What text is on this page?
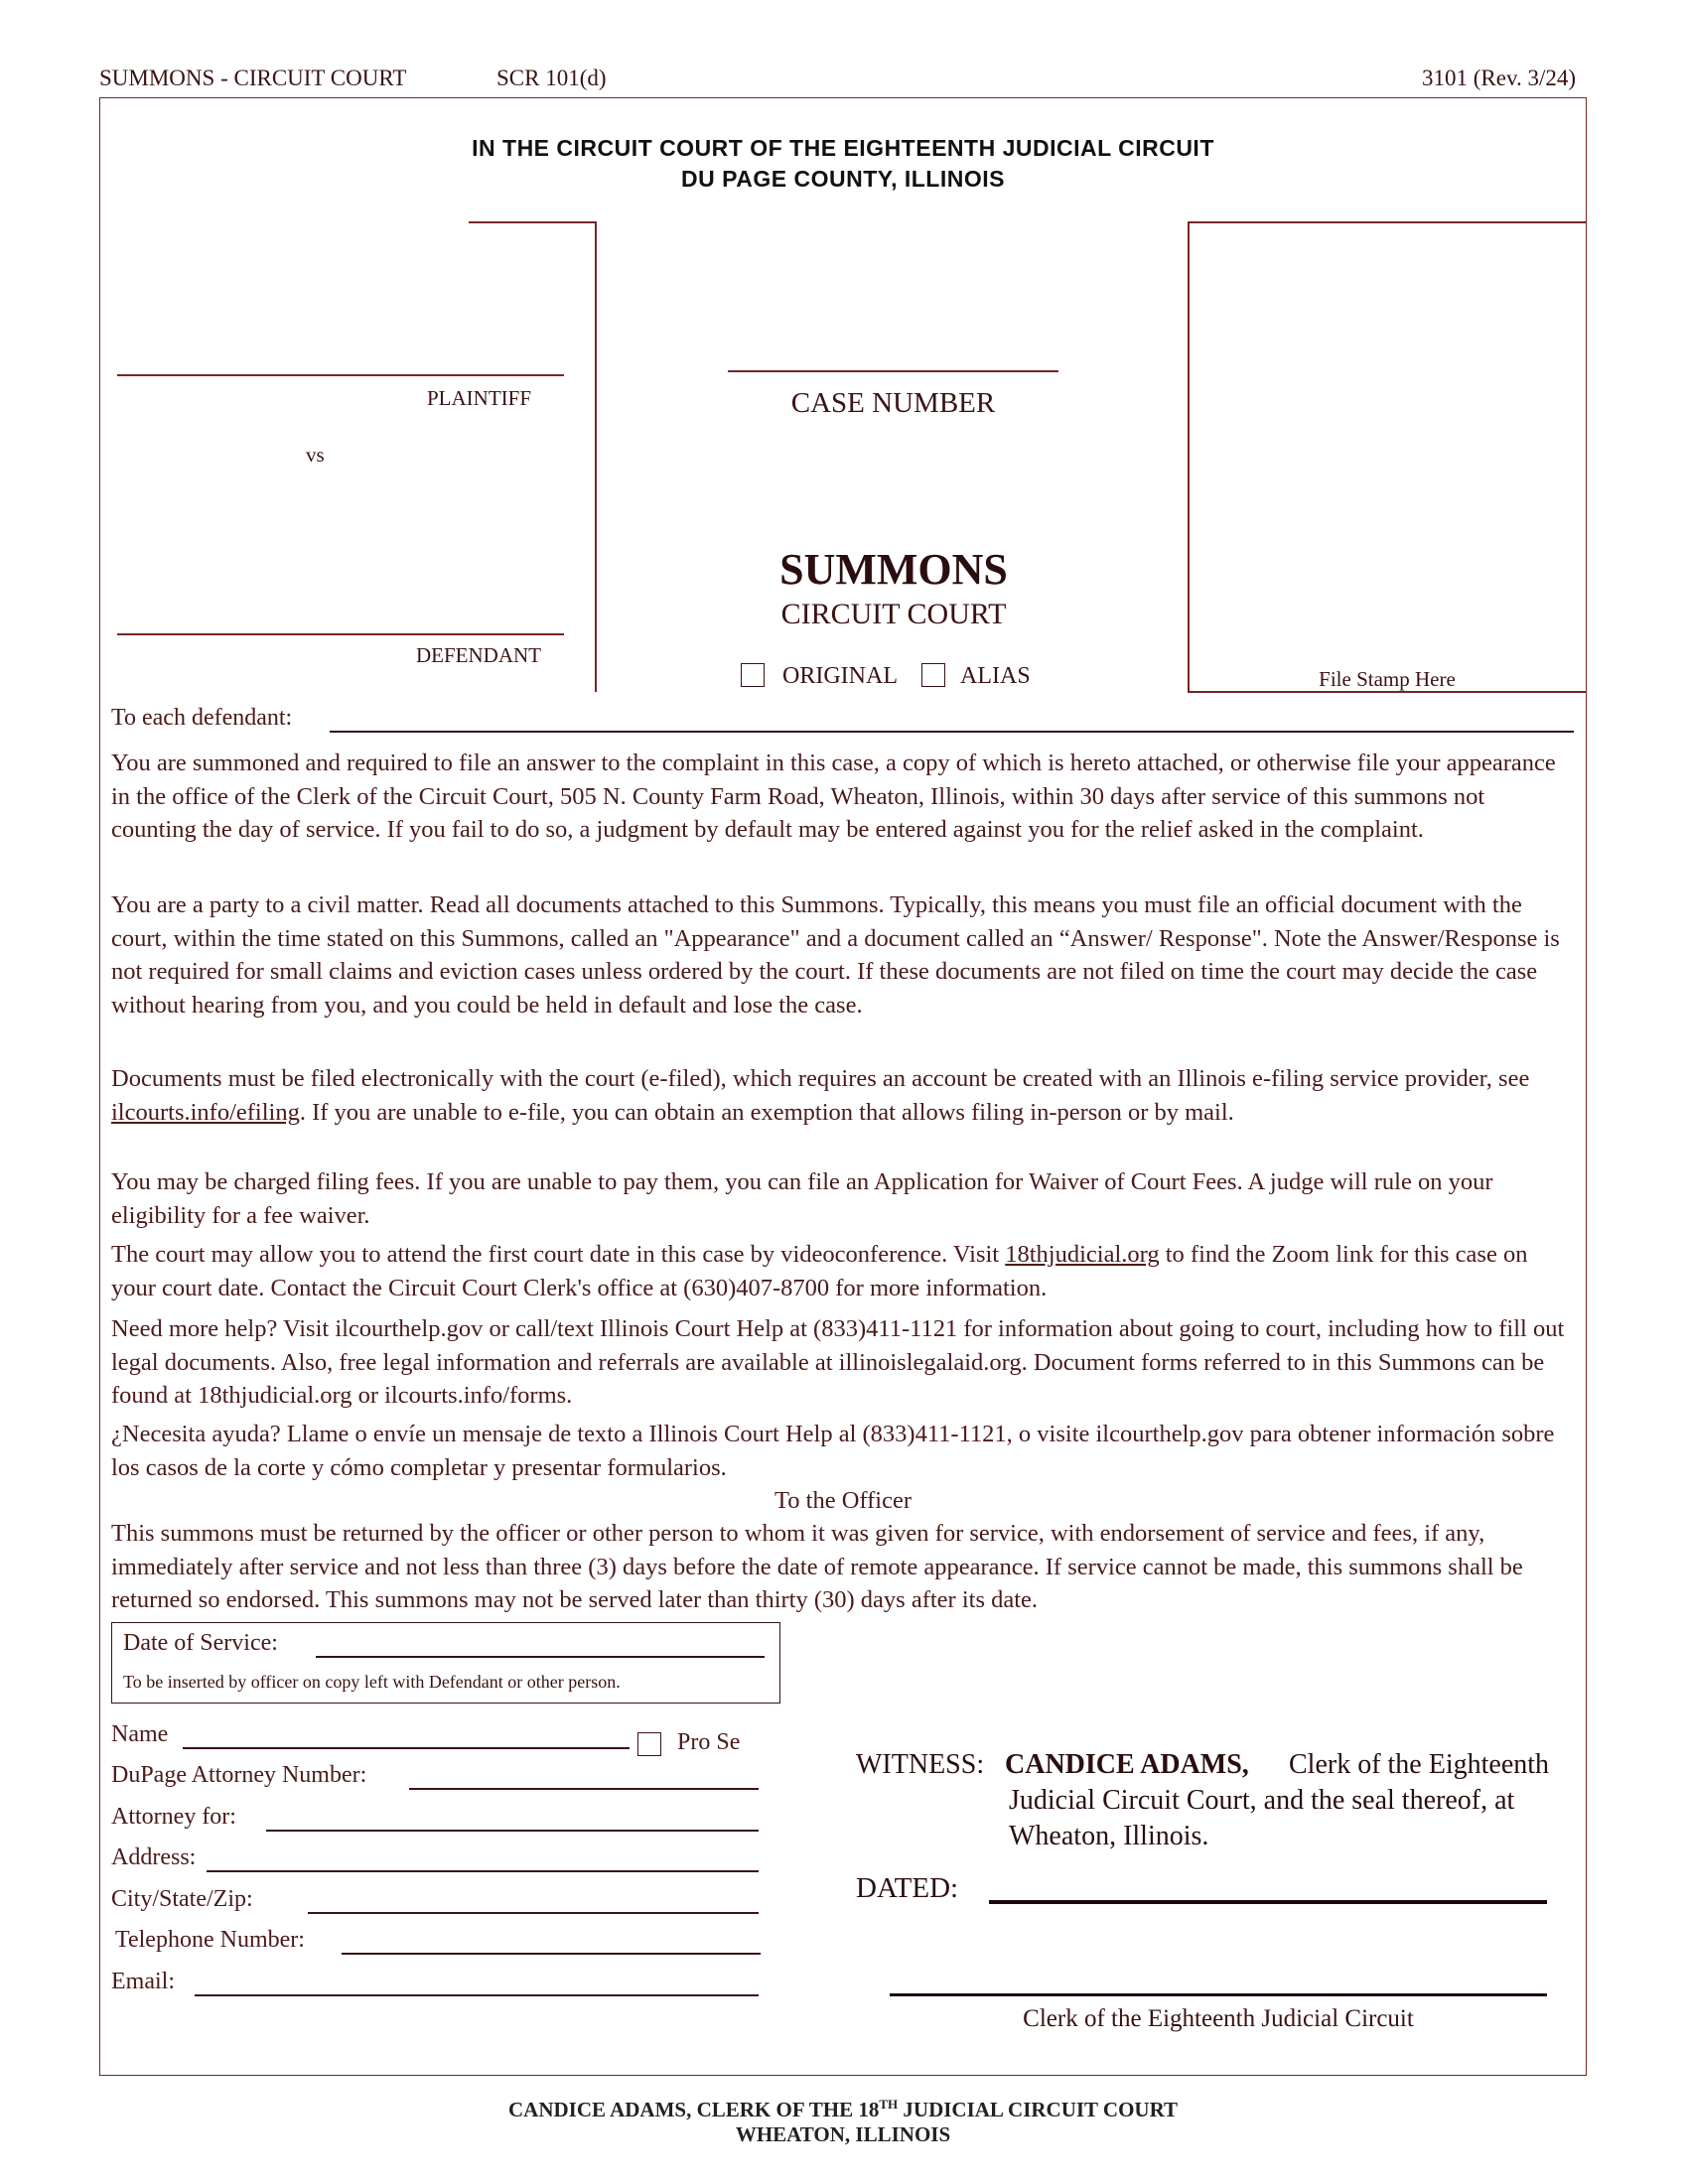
SUMMONS - CIRCUIT COURT	SCR 101(d)	3101 (Rev. 3/24)
IN THE CIRCUIT COURT OF THE EIGHTEENTH JUDICIAL CIRCUIT
DU PAGE COUNTY, ILLINOIS
PLAINTIFF
vs
DEFENDANT
CASE NUMBER
SUMMONS
CIRCUIT COURT
ORIGINAL	ALIAS	File Stamp Here
To each defendant:

You are summoned and required to file an answer to the complaint in this case, a copy of which is hereto attached, or otherwise file your appearance in the office of the Clerk of the Circuit Court, 505 N. County Farm Road, Wheaton, Illinois, within 30 days after service of this summons not counting the day of service. If you fail to do so, a judgment by default may be entered against you for the relief asked in the complaint.

You are a party to a civil matter. Read all documents attached to this Summons. Typically, this means you must file an official document with the court, within the time stated on this Summons, called an "Appearance" and a document called an “Answer/ Response". Note the Answer/Response is not required for small claims and eviction cases unless ordered by the court. If these documents are not filed on time the court may decide the case without hearing from you, and you could be held in default and lose the case.

Documents must be filed electronically with the court (e-filed), which requires an account be created with an Illinois e-filing service provider, see ilcourts.info/efiling. If you are unable to e-file, you can obtain an exemption that allows filing in-person or by mail.

You may be charged filing fees. If you are unable to pay them, you can file an Application for Waiver of Court Fees. A judge will rule on your eligibility for a fee waiver.

The court may allow you to attend the first court date in this case by videoconference. Visit 18thjudicial.org to find the Zoom link for this case on your court date. Contact the Circuit Court Clerk's office at (630)407-8700 for more information.

Need more help? Visit ilcourthelp.gov or call/text Illinois Court Help at (833)411-1121 for information about going to court, including how to fill out legal documents. Also, free legal information and referrals are available at illinoislegalaid.org. Document forms referred to in this Summons can be found at 18thjudicial.org or ilcourts.info/forms.

¿Necesita ayuda? Llame o envíe un mensaje de texto a Illinois Court Help al (833)411-1121, o visite ilcourthelp.gov para obtener información sobre los casos de la corte y cómo completar y presentar formularios.

To the Officer

This summons must be returned by the officer or other person to whom it was given for service, with endorsement of service and fees, if any, immediately after service and not less than three (3) days before the date of remote appearance. If service cannot be made, this summons shall be returned so endorsed. This summons may not be served later than thirty (30) days after its date.

Date of Service:
To be inserted by officer on copy left with Defendant or other person.
Name	Pro Se
DuPage Attorney Number:
Attorney for:
Address:
City/State/Zip:
Telephone Number:
Email:
WITNESS: CANDICE ADAMS, Clerk of the Eighteenth
Judicial Circuit Court, and the seal thereof, at
Wheaton, Illinois.
DATED:
Clerk of the Eighteenth Judicial Circuit
CANDICE ADAMS, CLERK OF THE 18TH JUDICIAL CIRCUIT COURT
WHEATON, ILLINOIS
